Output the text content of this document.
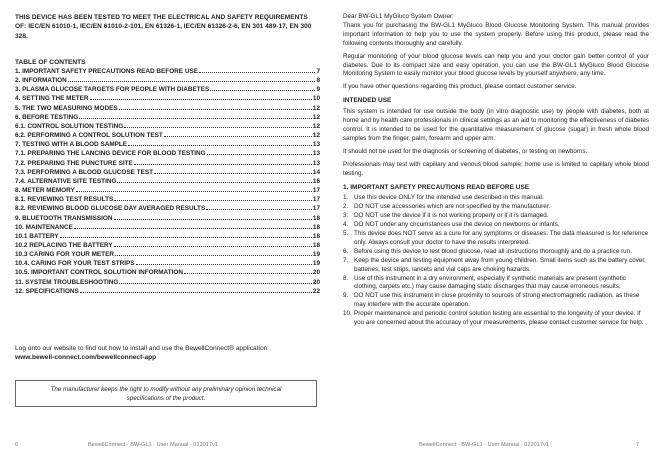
THIS DEVICE HAS BEEN TESTED TO MEET THE ELECTRICAL AND SAFETY REQUIREMENTS OF: IEC/EN 61010-1, IEC/EN 61010-2-101, EN 61326-1, IEC/EN 61326-2-6, EN 301 489-17, EN 300 328.
TABLE OF CONTENTS
1. IMPORTANT SAFETY PRECAUTIONS READ BEFORE USE	7
2. INFORMATION	8
3. PLASMA GLUCOSE TARGETS FOR PEOPLE WITH DIABETES	9
4. SETTING THE METER	10
5. THE TWO MEASURING MODES	12
6. BEFORE TESTING	12
6.1. CONTROL SOLUTION TESTING	12
6.2. PERFORMING A CONTROL SOLUTION TEST	12
7. TESTING WITH A BLOOD SAMPLE	13
7.1. PREPARING THE LANCING DEVICE FOR BLOOD TESTING	13
7.2. PREPARING THE PUNCTURE SITE	13
7.3. PERFORMING A BLOOD GLUCOSE TEST	14
7.4. ALTERNATIVE SITE TESTING	16
8. METER MEMORY	17
8.1. REVIEWING TEST RESULTS	17
8.2. REVIEWING BLOOD GLUCOSE DAY AVERAGED RESULTS	17
9. BLUETOOTH TRANSMISSION	18
10. MAINTENANCE	18
10.1 BATTERY	18
10.2 REPLACING THE BATTERY	18
10.3 CARING FOR YOUR METER	19
10.4. CARING FOR YOUR TEST STRIPS	19
10.5. IMPORTANT CONTROL SOLUTION INFORMATION	20
11. SYSTEM TROUBLESHOOTING	20
12. SPECIFICATIONS	22
Log onto our website to find out how to install and use the BewellConnect® application
www.bewell-connect.com/bewellconnect-app
The manufacturer keeps the right to modify without any preliminary opinion technical specifications of the product.
6	BewellConnect · BW-GL1 · User Manual · 022017v1

Dear BW-GL1 MyGluco System Owner:

Thank you for purchasing the BW-GL1 MyGluco Blood Glucose Monitoring System. This manual provides important information to help you to use the system properly. Before using this product, please read the following contents thoroughly and carefully.

Regular monitoring of your blood glucose levels can help you and your doctor gain better control of your diabetes. Due to its compact size and easy operation, you can use the BW-GL1 MyGluco Blood Glucose Monitoring System to easily monitor your blood glucose levels by yourself anywhere, any time.

If you have other questions regarding this product, please contact customer service.

INTENDED USE

This system is intended for use outside the body (in vitro diagnostic use) by people with diabetes, both at home and by health care professionals in clinical settings as an aid to monitoring the effectiveness of diabetes control. It is intended to be used for the quantitative measurement of glucose (sugar) in fresh whole blood samples from the finger, palm, forearm and upper arm.

It should not be used for the diagnosis or screening of diabetes, or testing on newborns.

Professionals may test with capillary and venous blood sample; home use is limited to capillary whole blood testing.

1. IMPORTANT SAFETY PRECAUTIONS READ BEFORE USE
1. Use this device ONLY for the intended use described in this manual.
2. DO NOT use accessories which are not specified by the manufacturer.
3. DO NOT use the device if it is not working properly or if it is damaged.
4. DO NOT under any circumstances use the device on newborns or infants.
5. This device does NOT serve as a cure for any symptoms or diseases. The data measured is for reference only. Always consult your doctor to have the results interpreted.
6. Before using this device to test blood glucose, read all instructions thoroughly and do a practice run.
7. Keep the device and testing equipment away from young children. Small items such as the battery cover, batteries, test strips, lancets and vial caps are choking hazards.
8. Use of this instrument in a dry environment, especially if synthetic materials are present (synthetic clothing, carpets etc.) may cause damaging static discharges that may cause erroneous results.
9. DO NOT use this instrument in close proximity to sources of strong electromagnetic radiation, as these may interfere with the accurate operation.
10. Proper maintenance and periodic control solution testing are essential to the longevity of your device. If you are concerned about the accuracy of your measurements, please contact customer service for help.
BewellConnect · BW-GL1 · User Manual · 022017v1	7
